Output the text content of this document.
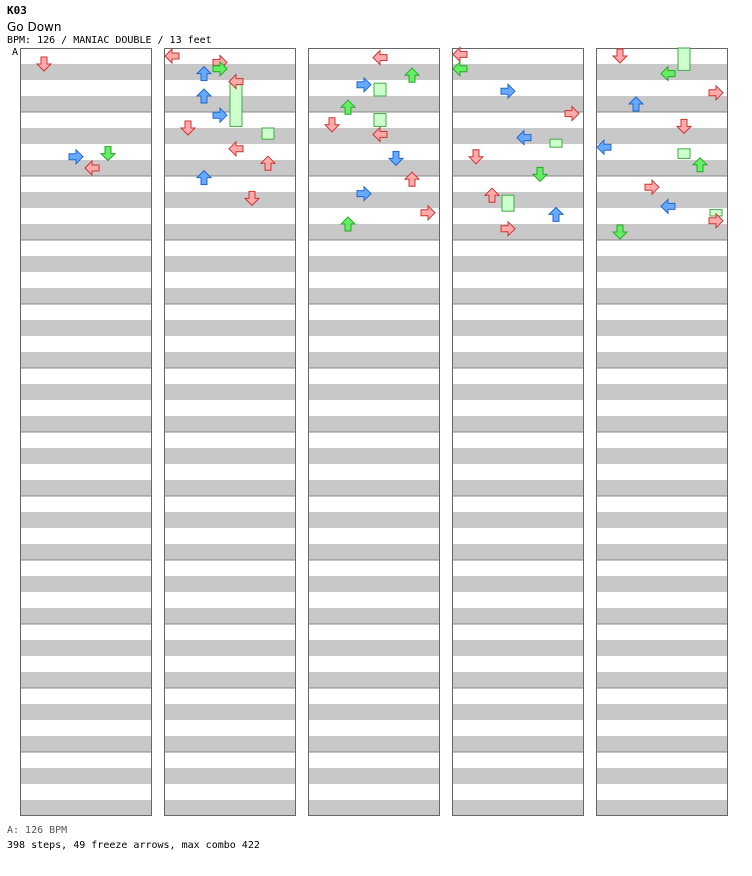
K03
Go Down
BPM: 126 / MANIAC DOUBLE / 13 feet
A
A: 126 BPM
398 steps, 49 freeze arrows, max combo 422
